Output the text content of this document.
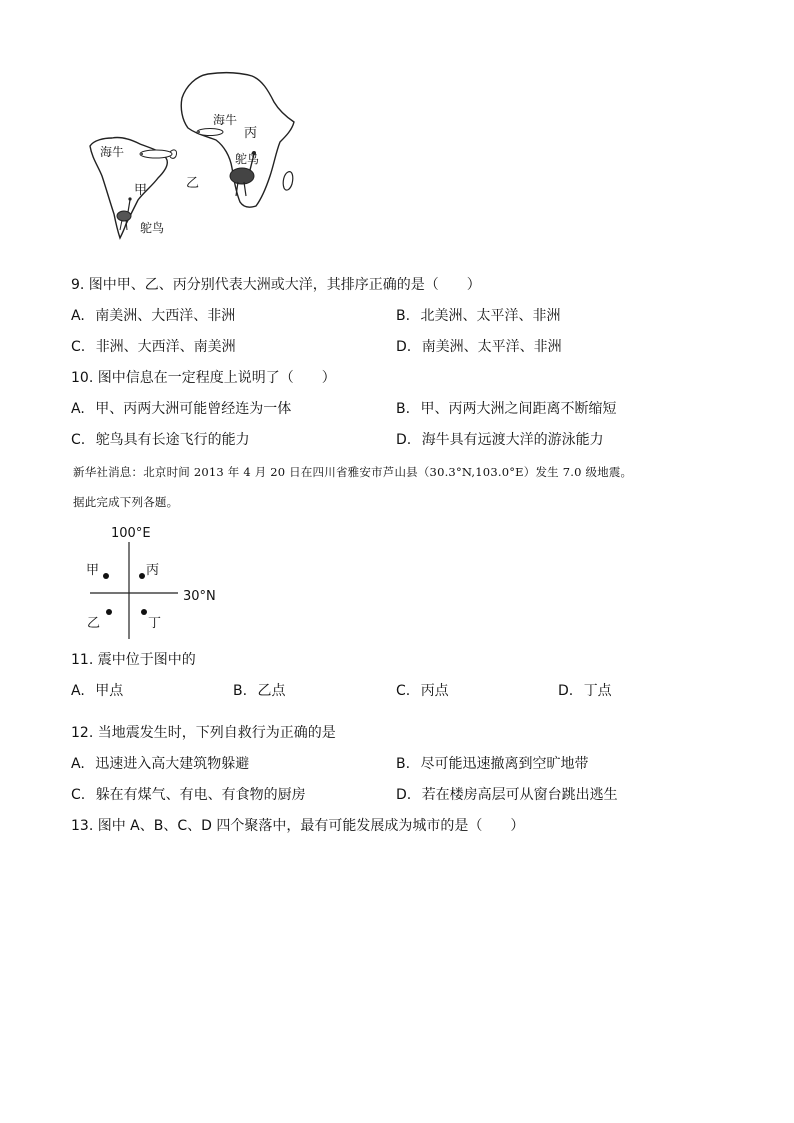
海牛
海牛
甲	乙
丙
鸵鸟
鸵鸟
9. 图中甲、乙、丙分别代表大洲或大洋，其排序正确的是（　　）
A. 南美洲、大西洋、非洲	B. 北美洲、太平洋、非洲
C. 非洲、大西洋、南美洲	D. 南美洲、太平洋、非洲
10. 图中信息在一定程度上说明了（　　）
A. 甲、丙两大洲可能曾经连为一体	B. 甲、丙两大洲之间距离不断缩短
C. 鸵鸟具有长途飞行的能力	D. 海牛具有远渡大洋的游泳能力
新华社消息：北京时间 2013 年 4 月 20 日在四川省雅安市芦山县（30.3°N,103.0°E）发生 7.0 级地震。
据此完成下列各题。
100°E
30°N
甲	丙
乙	丁
11. 震中位于图中的
A. 甲点	B. 乙点	C. 丙点	D. 丁点
12. 当地震发生时，下列自救行为正确的是
A. 迅速进入高大建筑物躲避	B. 尽可能迅速撤离到空旷地带
C. 躲在有煤气、有电、有食物的厨房	D. 若在楼房高层可从窗台跳出逃生
13. 图中 A、B、C、D 四个聚落中，最有可能发展成为城市的是（　　）
